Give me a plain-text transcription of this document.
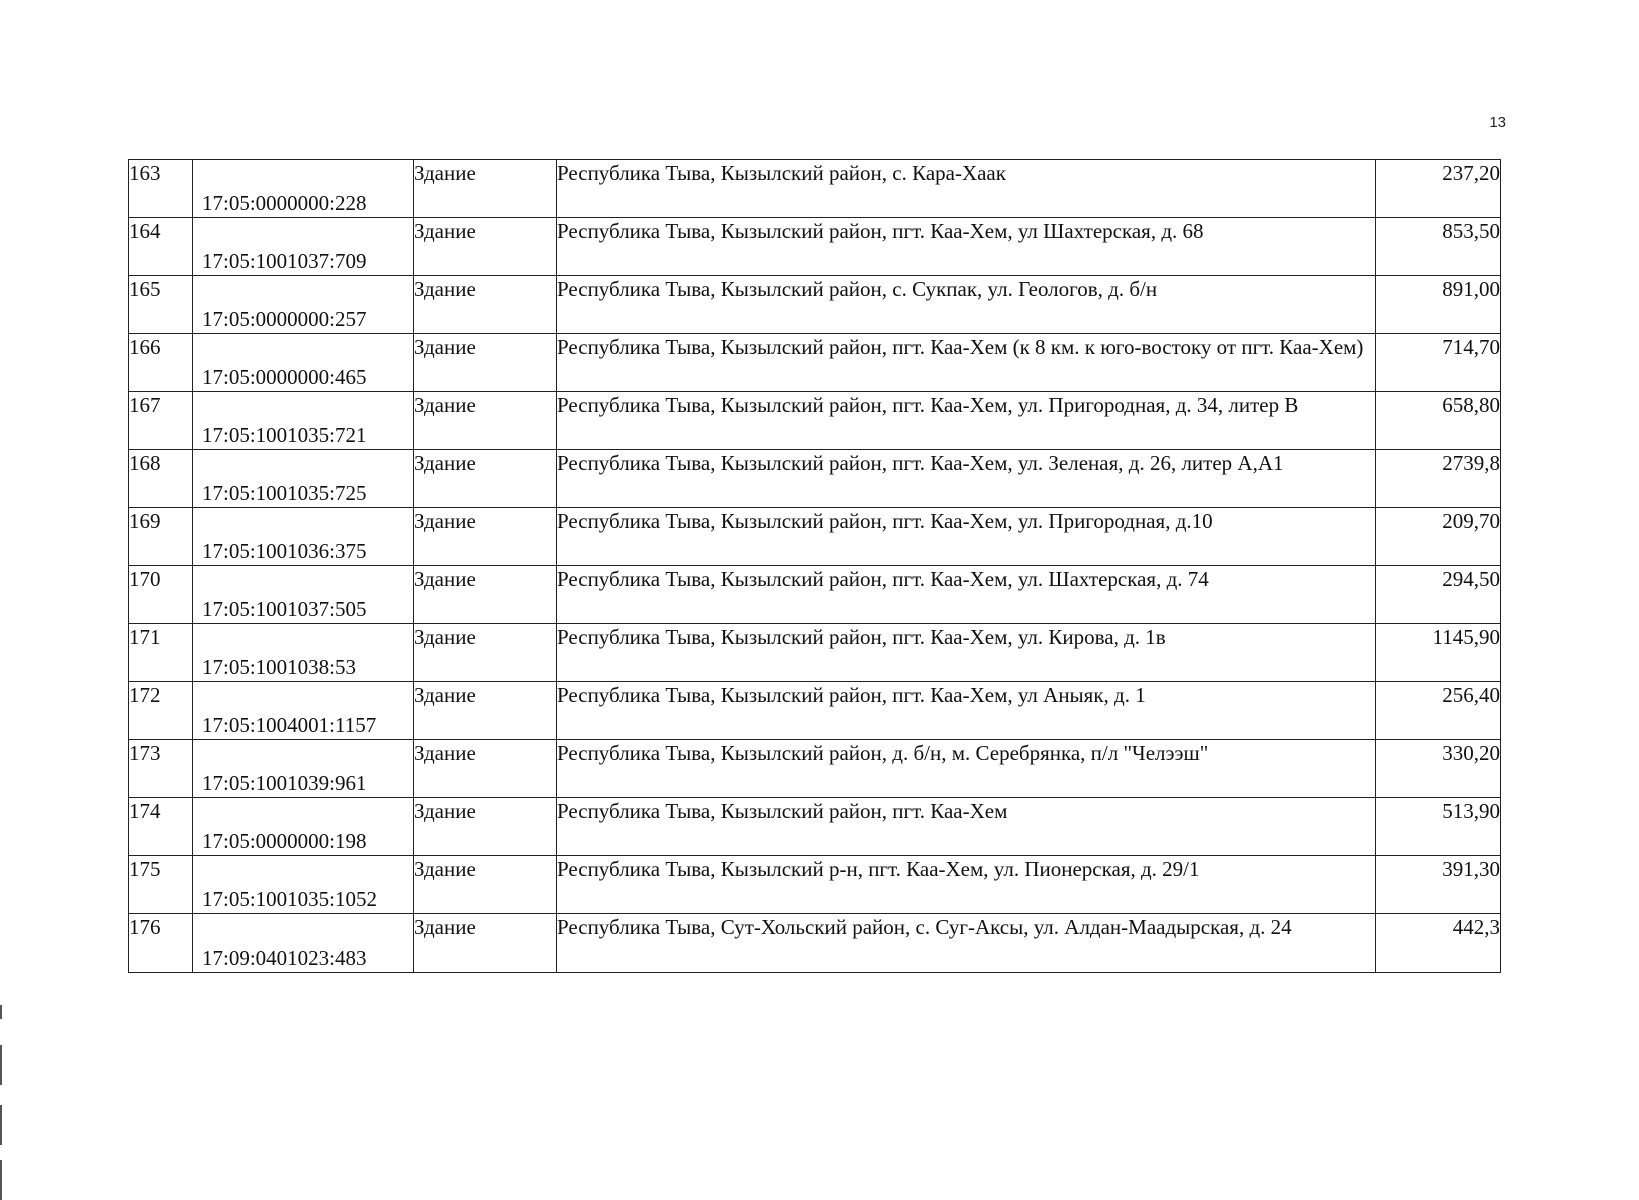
13
163	17:05:0000000:228	Здание	Республика Тыва, Кызылский район, с. Кара-Хаак	237,20
164	17:05:1001037:709	Здание	Республика Тыва, Кызылский район, пгт. Каа-Хем, ул Шахтерская, д. 68	853,50
165	17:05:0000000:257	Здание	Республика Тыва, Кызылский район, с. Сукпак, ул. Геологов, д. б/н	891,00
166	17:05:0000000:465	Здание	Республика Тыва, Кызылский район, пгт. Каа-Хем (к 8 км. к юго-востоку от пгт. Каа-Хем)	714,70
167	17:05:1001035:721	Здание	Республика Тыва, Кызылский район, пгт. Каа-Хем, ул. Пригородная, д. 34, литер В	658,80
168	17:05:1001035:725	Здание	Республика Тыва, Кызылский район, пгт. Каа-Хем, ул. Зеленая, д. 26, литер А,А1	2739,8
169	17:05:1001036:375	Здание	Республика Тыва, Кызылский район, пгт. Каа-Хем, ул. Пригородная, д.10	209,70
170	17:05:1001037:505	Здание	Республика Тыва, Кызылский район, пгт. Каа-Хем, ул. Шахтерская, д. 74	294,50
171	17:05:1001038:53	Здание	Республика Тыва, Кызылский район, пгт. Каа-Хем, ул. Кирова, д. 1в	1145,90
172	17:05:1004001:1157	Здание	Республика Тыва, Кызылский район, пгт. Каа-Хем, ул Аныяк, д. 1	256,40
173	17:05:1001039:961	Здание	Республика Тыва, Кызылский район, д. б/н, м. Серебрянка, п/л "Челээш"	330,20
174	17:05:0000000:198	Здание	Республика Тыва, Кызылский район, пгт. Каа-Хем	513,90
175	17:05:1001035:1052	Здание	Республика Тыва, Кызылский р-н, пгт. Каа-Хем, ул. Пионерская, д. 29/1	391,30
176	17:09:0401023:483	Здание	Республика Тыва, Сут-Хольский район, с. Суг-Аксы, ул. Алдан-Маадырская, д. 24	442,3
